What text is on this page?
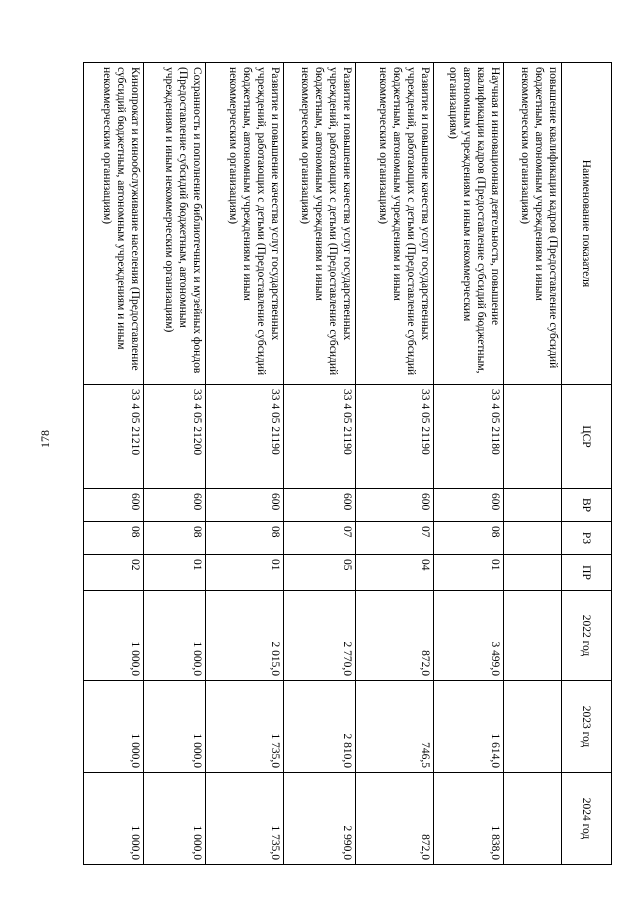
178
Наименование показателя	ЦСР	ВР	РЗ	ПР	2022 год	2023 год	2024 год
повышение квалификации кадров (Предоставление субсидий бюджетным, автономным учреждениям и иным некоммерческим организациям)							
Научная и инновационная деятельность, повышение квалификации кадров (Предоставление субсидий бюджетным, автономным учреждениям и иным некоммерческим организациям)	33 4 05 21180	600	08	01	3 499,0	1 614,0	1 838,0
Развитие и повышение качества услуг государственных учреждений, работающих с детьми (Предоставление субсидий бюджетным, автономным учреждениям и иным некоммерческим организациям)	33 4 05 21190	600	07	04	872,0	746,5	872,0
Развитие и повышение качества услуг государственных учреждений, работающих с детьми (Предоставление субсидий бюджетным, автономным учреждениям и иным некоммерческим организациям)	33 4 05 21190	600	07	05	2 770,0	2 810,0	2 990,0
Развитие и повышение качества услуг государственных учреждений, работающих с детьми (Предоставление субсидий бюджетным, автономным учреждениям и иным некоммерческим организациям)	33 4 05 21190	600	08	01	2 015,0	1 735,0	1 735,0
Сохранность и пополнение библиотечных и музейных фондов (Предоставление субсидий бюджетным, автономным учреждениям и иным некоммерческим организациям)	33 4 05 21200	600	08	01	1 000,0	1 000,0	1 000,0
Кинопрокат и кинообслуживание населения (Предоставление субсидий бюджетным, автономным учреждениям и иным некоммерческим организациям)	33 4 05 21210	600	08	02	1 000,0	1 000,0	1 000,0
